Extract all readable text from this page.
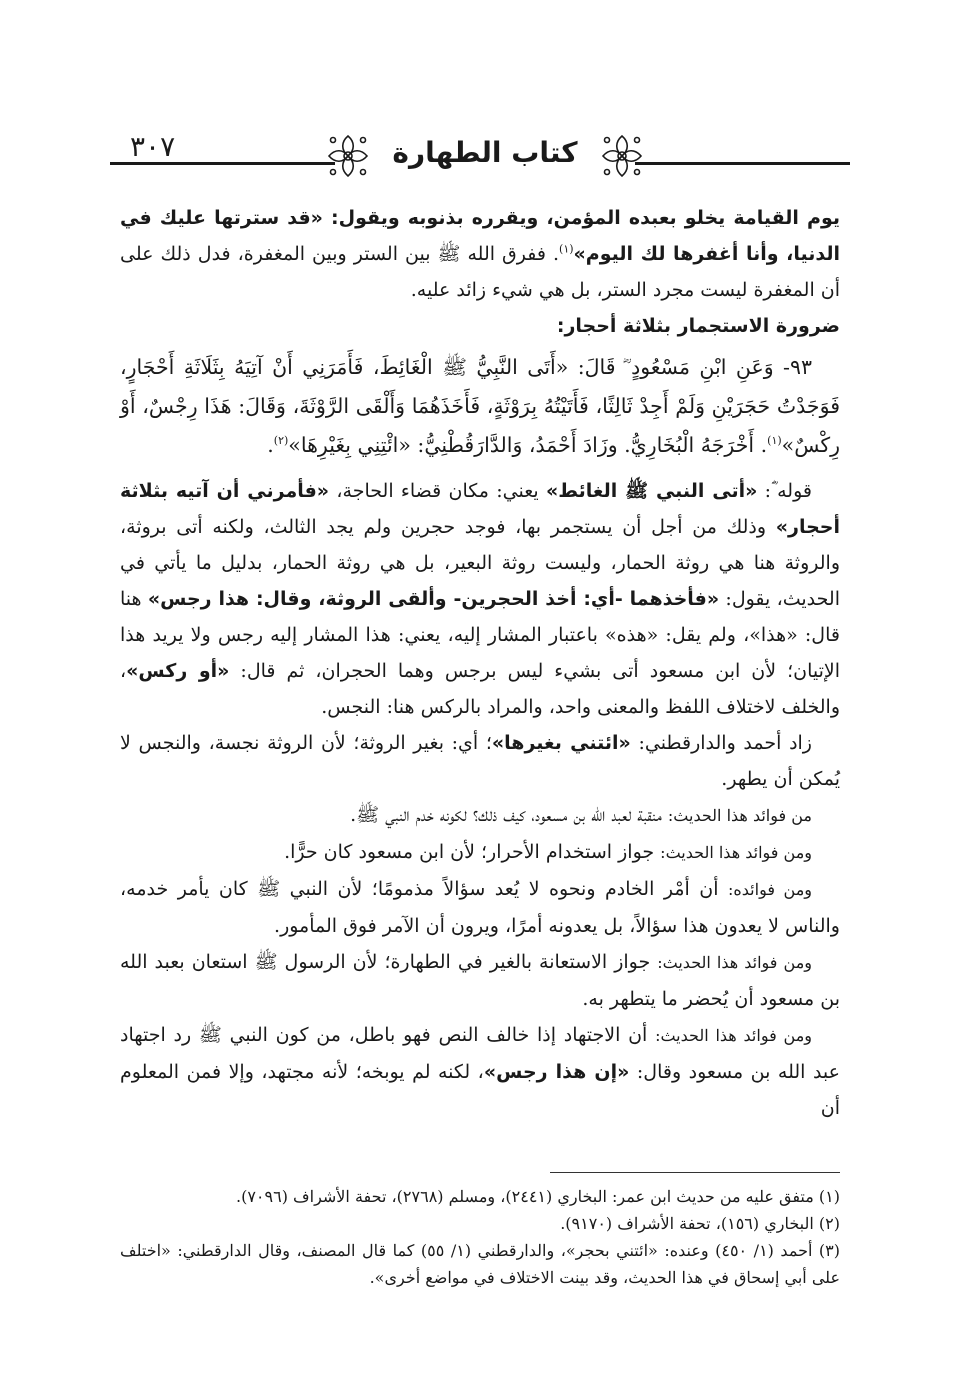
٣٠٧	كتاب الطهارة

يوم القيامة يخلو بعبده المؤمن، ويقرره بذنوبه ويقول: «قد سترتها عليك في الدنيا، وأنا أغفرها لك اليوم»$^{(١)}$. ففرق الله ﷺ بين الستر وبين المغفرة، فدل ذلك على أن المغفرة ليست مجرد الستر، بل هي شيء زائد عليه.

ضرورة الاستجمار بثلاثة أحجار:

٩٣- وَعَنِ ابْنِ مَسْعُودٍ ؓ قَالَ: «أَتَى النَّبِيُّ ﷺ الْغَائِطَ، فَأَمَرَنِي أَنْ آتِيَهُ بِثَلَاثَةِ أَحْجَارٍ، فَوَجَدْتُ حَجَرَيْنِ وَلَمْ أَجِدْ ثَالِثًا، فَأَتَيْتُهُ بِرَوْثَةٍ، فَأَخَذَهُمَا وَأَلْقَى الرَّوْثَةَ، وَقَالَ: هَذَا رِجْسٌ، أَوْ رِكْسٌ»$^{(١)}$. أَخْرَجَهُ الْبُخَارِيُّ. وزَادَ أَحْمَدُ، وَالدَّارَقُطْنِيُّ: «ائْتِنِي بِغَيْرِهَا»$^{(٢)}$.

قوله ؓ: «أتى النبي ﷺ الغائط» يعني: مكان قضاء الحاجة، «فأمرني أن آتيه بثلاثة أحجار» وذلك من أجل أن يستجمر بها، فوجد حجرين ولم يجد الثالث، ولكنه أتى بروثة، والروثة هنا هي روثة الحمار، وليست روثة البعير، بل هي روثة الحمار، بدليل ما يأتي في الحديث، يقول: «فأخذهما -أي: أخذ الحجرين- وألقى الروثة، وقال: هذا رجس» هنا قال: «هذا»، ولم يقل: «هذه» باعتبار المشار إليه، يعني: هذا المشار إليه رجس ولا يريد هذا الإتيان؛ لأن ابن مسعود أتى بشيء ليس برجس وهما الحجران، ثم قال: «أو ركس»، والخلف لاختلاف اللفظ والمعنى واحد، والمراد بالركس هنا: النجس.

زاد أحمد والدارقطني: «ائتني بغيرها»؛ أي: بغير الروثة؛ لأن الروثة نجسة، والنجس لا يُمكن أن يطهر.

من فوائد هذا الحديث: منقبة لعبد الله بن مسعود، كيف ذلك؟ لكونه خدم النبي ﷺ.

ومن فوائد هذا الحديث: جواز استخدام الأحرار؛ لأن ابن مسعود كان حرًّا.

ومن فوائده: أن أمْر الخادم ونحوه لا يُعد سؤالاً مذمومًا؛ لأن النبي ﷺ كان يأمر خدمه، والناس لا يعدون هذا سؤالاً، بل يعدونه أمرًا، ويرون أن الآمر فوق المأمور.

ومن فوائد هذا الحديث: جواز الاستعانة بالغير في الطهارة؛ لأن الرسول ﷺ استعان بعبد الله بن مسعود أن يُحضر ما يتطهر به.

ومن فوائد هذا الحديث: أن الاجتهاد إذا خالف النص فهو باطل، من كون النبي ﷺ رد اجتهاد عبد الله بن مسعود وقال: «إن هذا رجس»، لكنه لم يوبخه؛ لأنه مجتهد، وإلا فمن المعلوم أن

(١) متفق عليه من حديث ابن عمر: البخاري (٢٤٤١)، ومسلم (٢٧٦٨)، تحفة الأشراف (٧٠٩٦).

(٢) البخاري (١٥٦)، تحفة الأشراف (٩١٧٠).

(٣) أحمد (١/ ٤٥٠) وعنده: «ائتني بحجر»، والدارقطني (١/ ٥٥) كما قال المصنف، وقال الدارقطني: «اختلف على أبي إسحاق في هذا الحديث، وقد بينت الاختلاف في مواضع أخرى».
